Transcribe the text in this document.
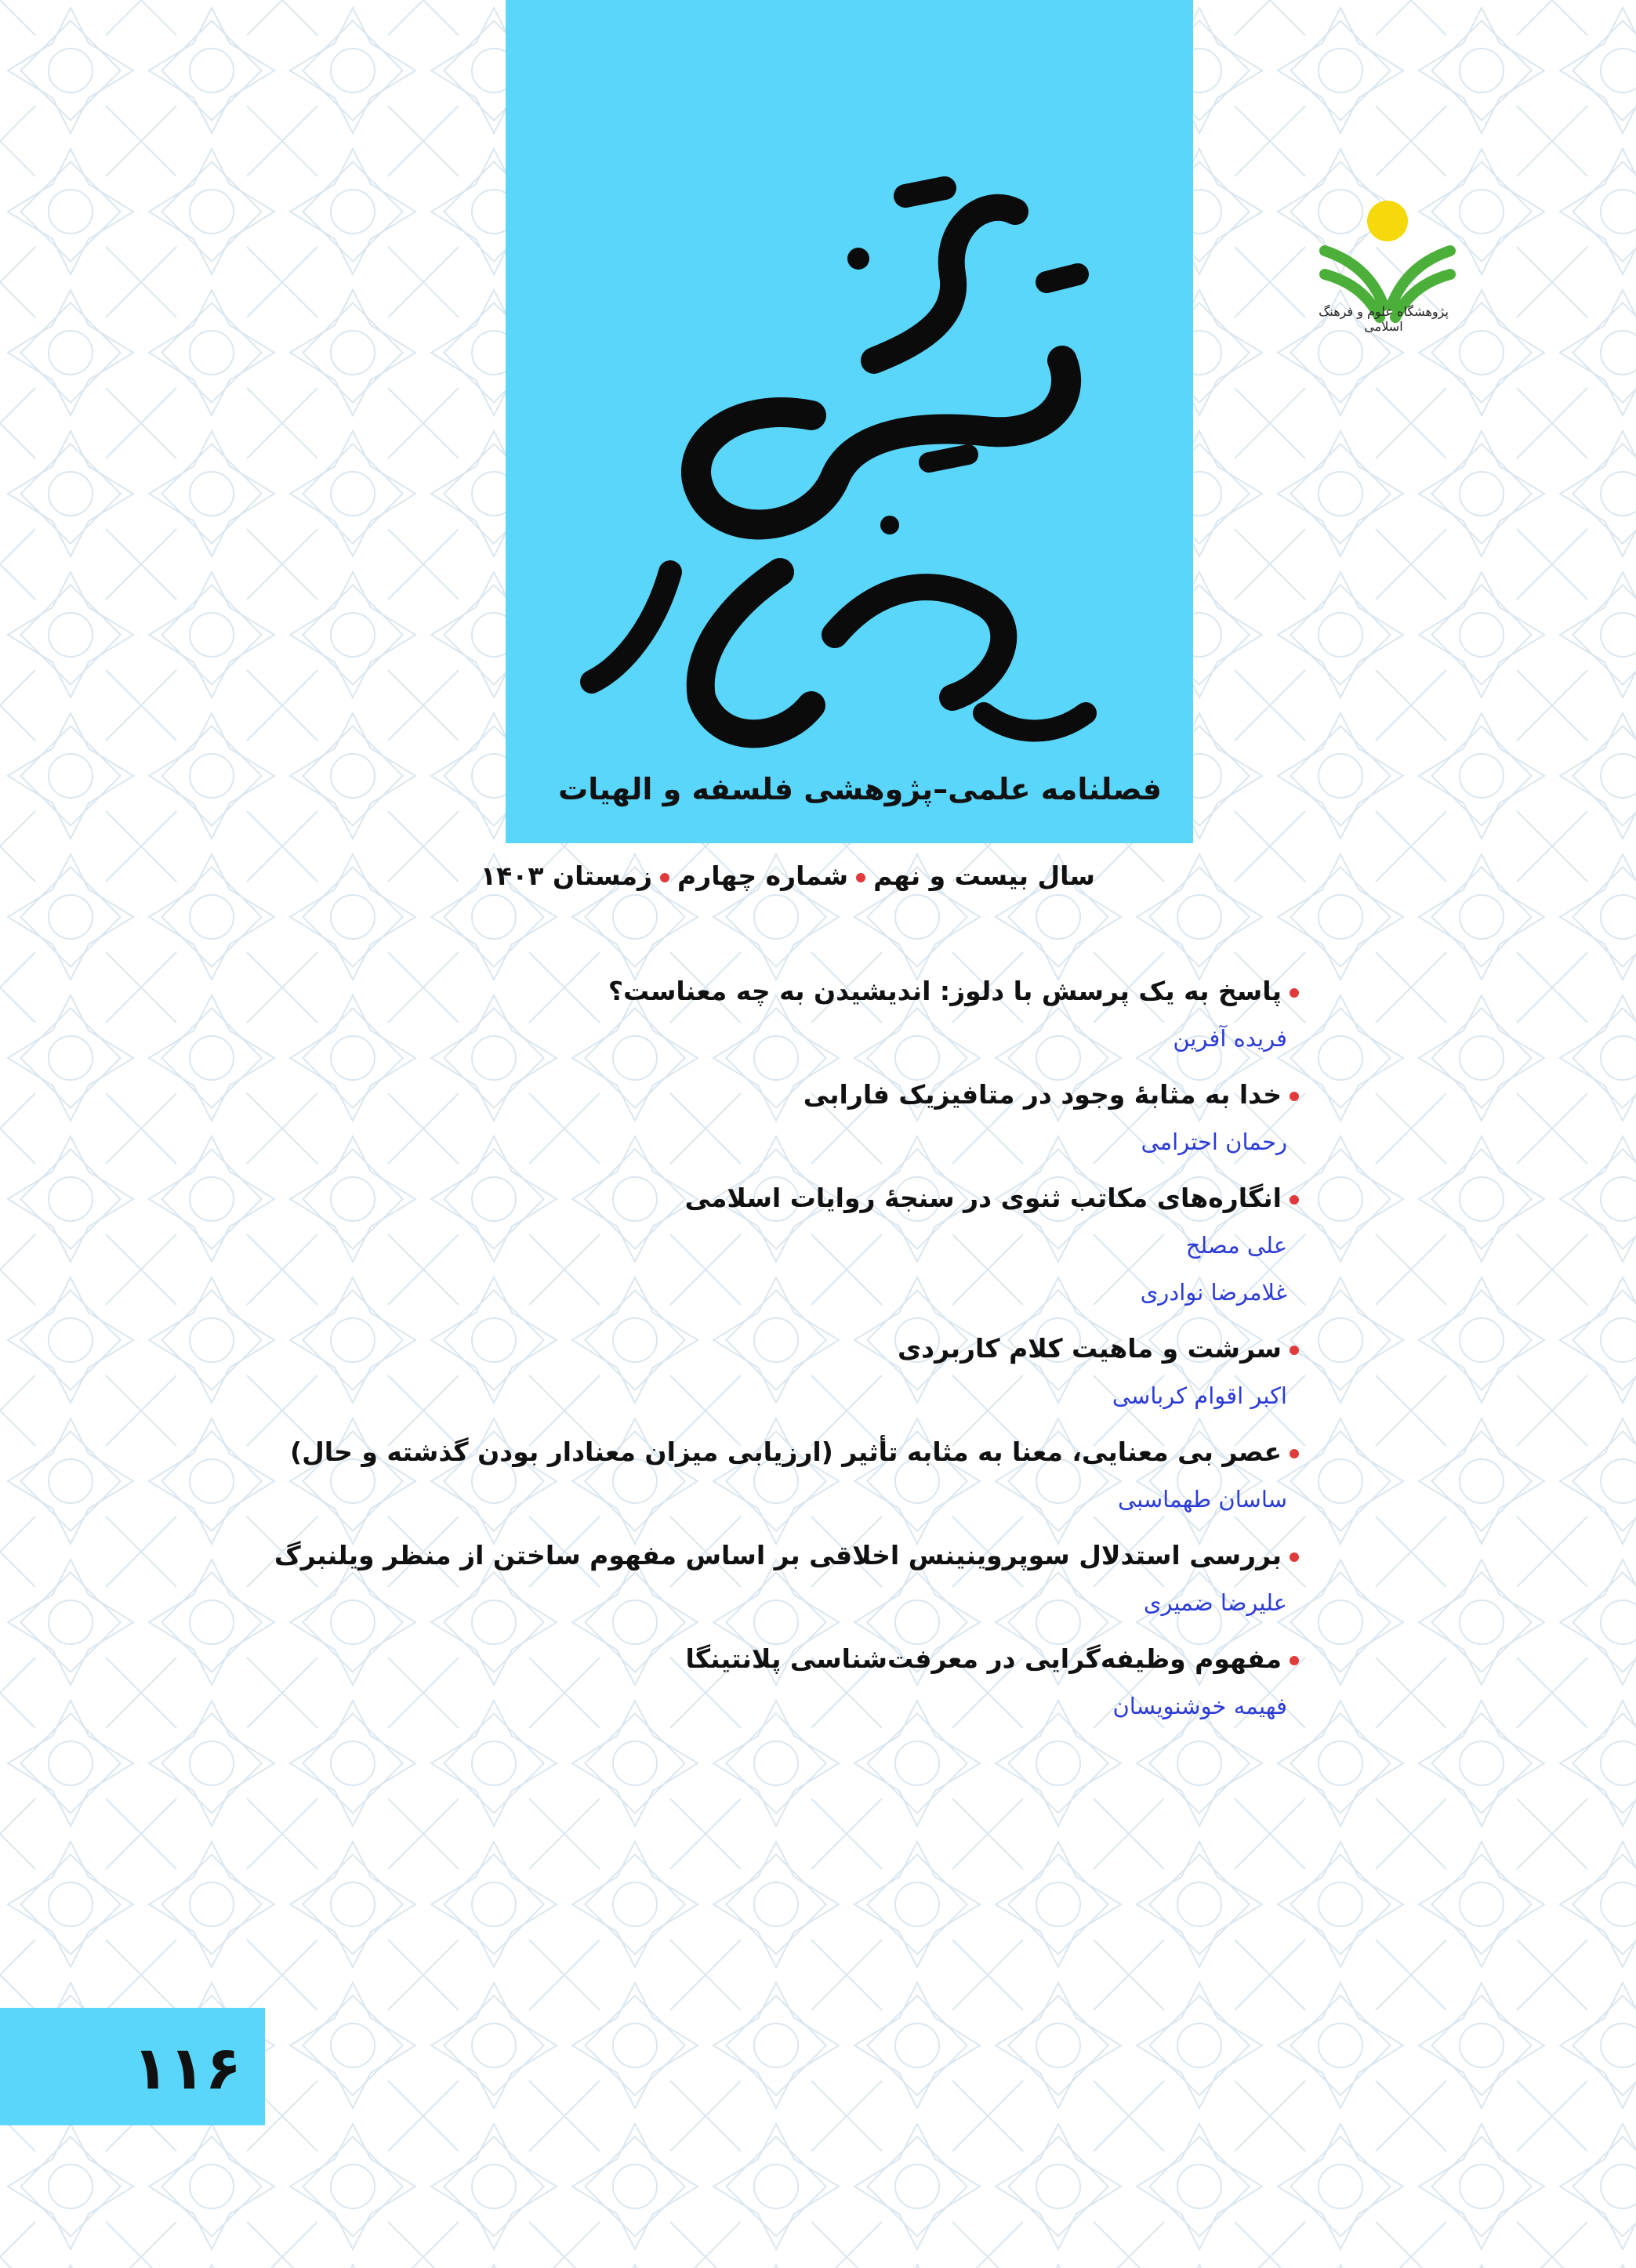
فصلنامه علمی–پژوهشی فلسفه و الهیات
سال بیست و نهمشماره چهارمزمستان ۱۴۰۳
پژوهشگاه علوم و فرهنگ اسلامی
پاسخ به یک پرسش با دلوز: اندیشیدن به چه معناست؟
فریده آفرین
خدا به مثابهٔ وجود در متافیزیک فارابی
رحمان احترامی
انگاره‌های مکاتب ثنوی در سنجهٔ روایات اسلامی
علی مصلح
غلامرضا نوادری
سرشت و ماهیت کلام کاربردی
اکبر اقوام کرباسی
عصر بی معنایی، معنا به مثابه تأثیر (ارزیابی میزان معنادار بودن گذشته و حال)
ساسان طهماسبی
بررسی استدلال سوپروینینس اخلاقی بر اساس مفهوم ساختن از منظر ویلنبرگ
علیرضا ضمیری
مفهوم وظیفه‌گرایی در معرفت‌شناسی پلانتینگا
فهیمه خوشنویسان
۱۱۶
